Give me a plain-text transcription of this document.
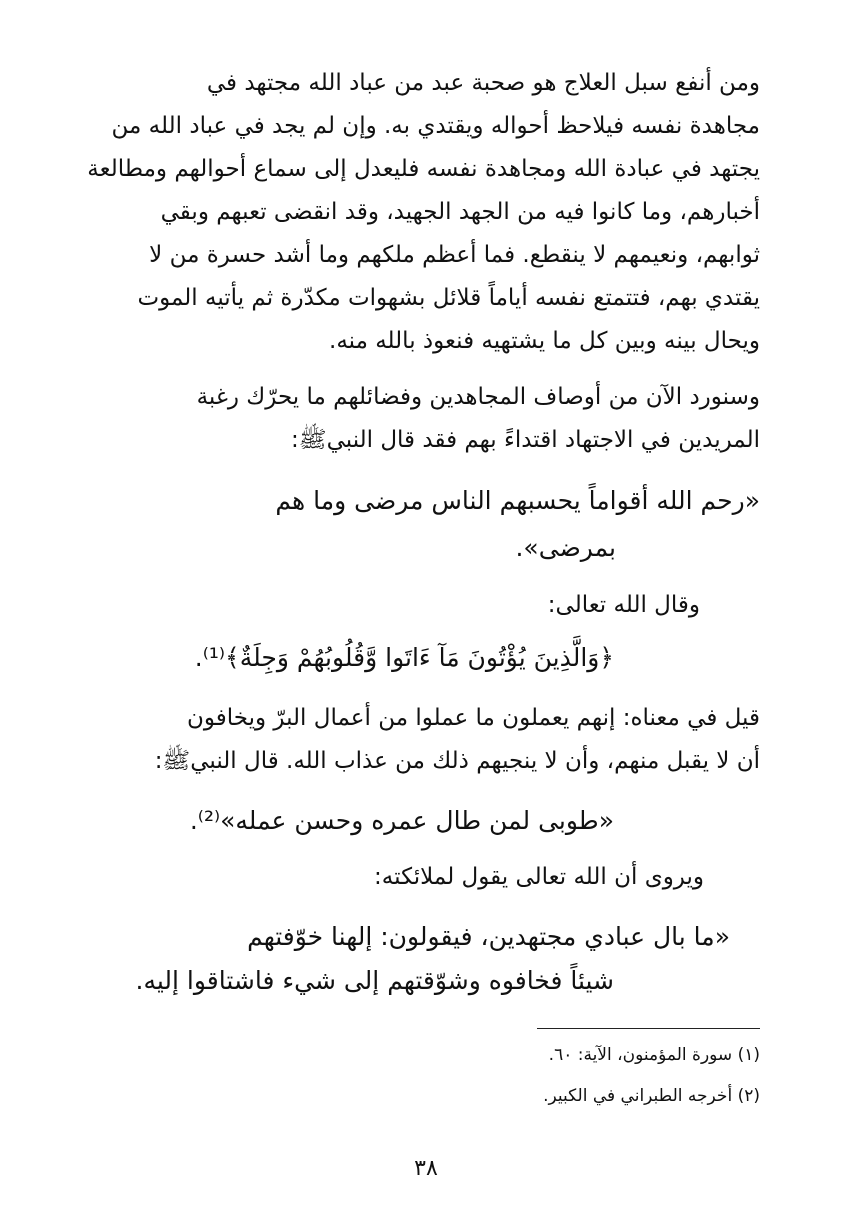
ومن أنفع سبل العلاج هو صحبة عبد من عباد الله مجتهد في
مجاهدة نفسه فيلاحظ أحواله ويقتدي به. وإن لم يجد في عباد الله من
يجتهد في عبادة الله ومجاهدة نفسه فليعدل إلى سماع أحوالهم ومطالعة
أخبارهم، وما كانوا فيه من الجهد الجهيد، وقد انقضى تعبهم وبقي
ثوابهم، ونعيمهم لا ينقطع. فما أعظم ملكهم وما أشد حسرة من لا
يقتدي بهم، فتتمتع نفسه أياماً قلائل بشهوات مكدّرة ثم يأتيه الموت
ويحال بينه وبين كل ما يشتهيه فنعوذ بالله منه.
وسنورد الآن من أوصاف المجاهدين وفضائلهم ما يحرّك رغبة
المريدين في الاجتهاد اقتداءً بهم فقد قال النبيﷺ:
«رحم الله أقواماً يحسبهم الناس مرضى وما هم
بمرضى».
وقال الله تعالى:
﴿وَالَّذِينَ يُؤْتُونَ مَآ ءَاتَوا وَّقُلُوبُهُمْ وَجِلَةٌ﴾⁽¹⁾.
قيل في معناه: إنهم يعملون ما عملوا من أعمال البرّ ويخافون
أن لا يقبل منهم، وأن لا ينجيهم ذلك من عذاب الله. قال النبيﷺ:
«طوبى لمن طال عمره وحسن عمله»⁽²⁾.
ويروى أن الله تعالى يقول لملائكته:
«ما بال عبادي مجتهدين، فيقولون: إلهنا خوّفتهم
شيئاً فخافوه وشوّقتهم إلى شيء فاشتاقوا إليه.
(١) سورة المؤمنون، الآية: ٦٠.
(٢) أخرجه الطبراني في الكبير.
٣٨
